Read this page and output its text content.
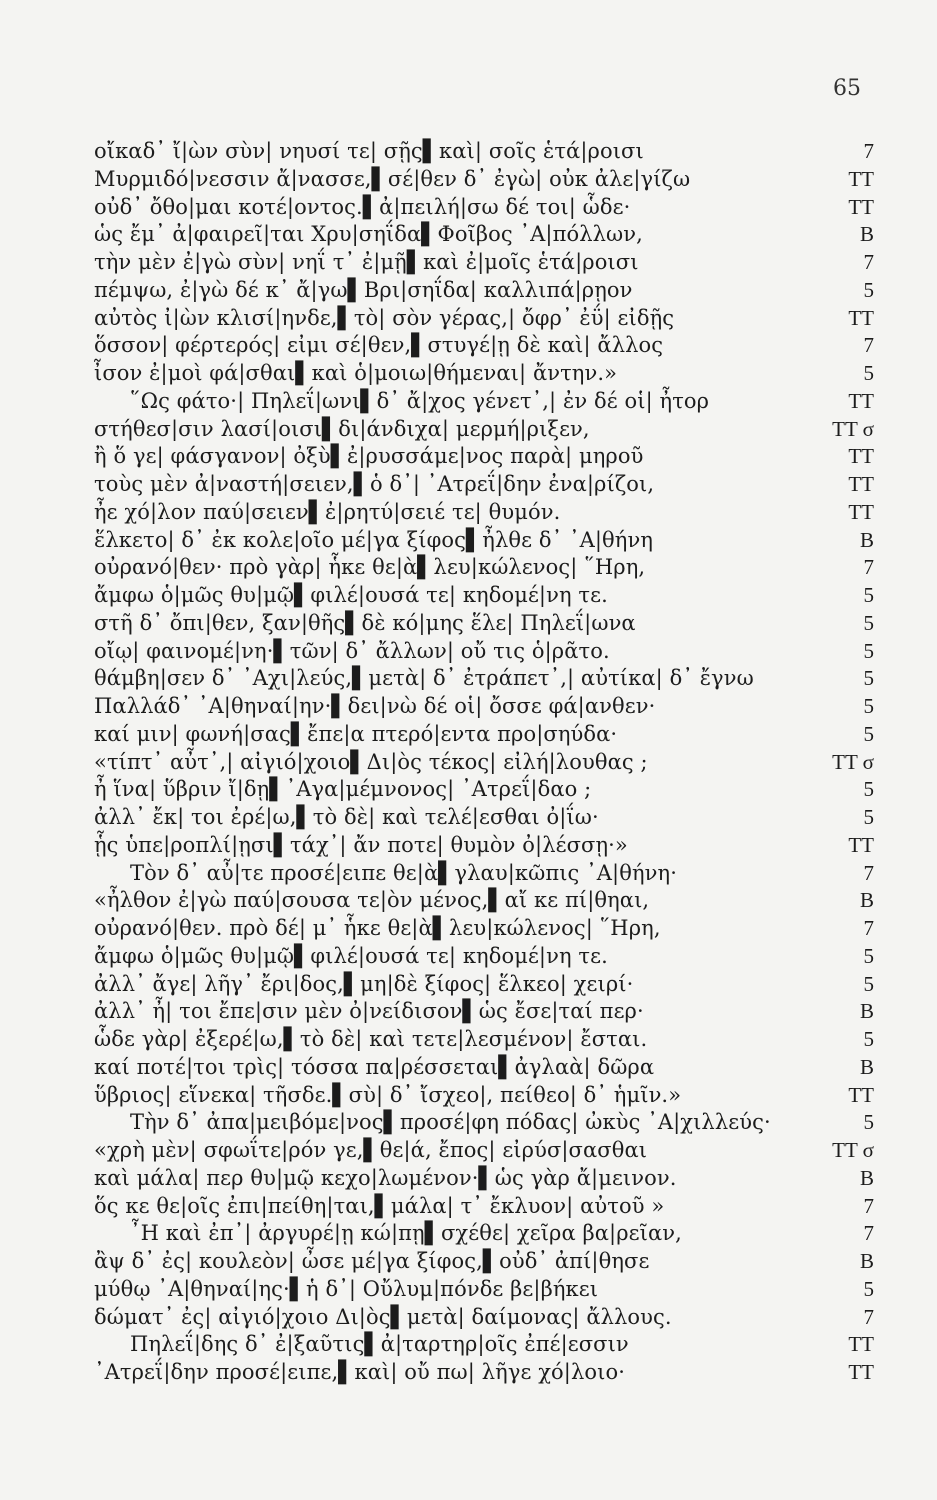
65
οἴκαδ᾿ ἴ|ὼν σὺν| νηυσί τε| σῇς▌καὶ| σοῖς ἑτά|ροισι	7
Μυρμιδό|νεσσιν ἄ|νασσε,▌σέ|θεν δ᾿ ἐγὼ| οὐκ ἀλε|γίζω	TT
οὐδ᾿ ὄθο|μαι κοτέ|οντος.▌ἀ|πειλή|σω δέ τοι| ὧδε·	TT
ὡς ἔμ᾿ ἀ|φαιρεῖ|ται Χρυ|σηΐδα▌Φοῖβος ᾿Α|πόλλων,	B
τὴν μὲν ἐ|γὼ σὺν| νηΐ τ᾿ ἐ|μῇ▌καὶ ἐ|μοῖς ἑτά|ροισι	7
πέμψω, ἐ|γὼ δέ κ᾿ ἄ|γω▌Βρι|σηΐδα| καλλιπά|ρῃον	5
αὐτὸς ἰ|ὼν κλισί|ηνδε,▌τὸ| σὸν γέρας,| ὄφρ᾿ ἐΰ| εἰδῇς	TT
ὅσσον| φέρτερός| εἰμι σέ|θεν,▌στυγέ|ῃ δὲ καὶ| ἄλλος	7
ἶσον ἐ|μοὶ φά|σθαι▌καὶ ὁ|μοιω|θήμεναι| ἄντην.»	5
῞Ως φάτο·| Πηλεΐ|ωνι▌δ᾿ ἄ|χος γένετ᾿,| ἐν δέ οἱ| ἦτορ	TT
στήθεσ|σιν λασί|οισι▌δι|άνδιχα| μερμή|ριξεν,	TT σ
ἢ ὅ γε| φάσγανον| ὀξὺ▌ἐ|ρυσσάμε|νος παρὰ| μηροῦ	TT
τοὺς μὲν ἀ|ναστή|σειεν,▌ὁ δ᾿| ᾿Ατρεΐ|δην ἐνα|ρίζοι,	TT
ἦε χό|λον παύ|σειεν▌ἐ|ρητύ|σειέ τε| θυμόν.	TT
ἕλκετο| δ᾿ ἐκ κολε|οῖο μέ|γα ξίφος▌ἦλθε δ᾿ ᾿Α|θήνη	B
οὐρανό|θεν· πρὸ γὰρ| ἧκε θε|ὰ▌λευ|κώλενος| ῞Ηρη,	7
ἄμφω ὁ|μῶς θυ|μῷ▌φιλέ|ουσά τε| κηδομέ|νη τε.	5
στῆ δ᾿ ὄπι|θεν, ξαν|θῆς▌δὲ κό|μης ἕλε| Πηλεΐ|ωνα	5
οἴῳ| φαινομέ|νη·▌τῶν| δ᾿ ἄλλων| οὔ τις ὁ|ρᾶτο.	5
θάμβη|σεν δ᾿ ᾿Αχι|λεύς,▌μετὰ| δ᾿ ἐτράπετ᾿,| αὐτίκα| δ᾿ ἔγνω	5
Παλλάδ᾿ ᾿Α|θηναί|ην·▌δει|νὼ δέ οἱ| ὄσσε φά|ανθεν·	5
καί μιν| φωνή|σας▌ἔπε|α πτερό|εντα προ|σηύδα·	5
«τίπτ᾿ αὖτ᾿,| αἰγιό|χοιο▌Δι|ὸς τέκος| εἰλή|λουθας ;	TT σ
ἦ ἵνα| ὕβριν ἴ|δῃ▌᾿Αγα|μέμνονος| ᾿Ατρεΐ|δαο ;	5
ἀλλ᾿ ἔκ| τοι ἐρέ|ω,▌τὸ δὲ| καὶ τελέ|εσθαι ὀ|ΐω·	5
ᾗς ὑπε|ροπλί|ῃσι▌τάχ᾿| ἄν ποτε| θυμὸν ὀ|λέσσῃ·»	TT
Τὸν δ᾿ αὖ|τε προσέ|ειπε θε|ὰ▌γλαυ|κῶπις ᾿Α|θήνη·	7
«ἦλθον ἐ|γὼ παύ|σουσα τε|ὸν μένος,▌αἴ κε πί|θηαι,	B
οὐρανό|θεν. πρὸ δέ| μ᾿ ἧκε θε|ὰ▌λευ|κώλενος| ῞Ηρη,	7
ἄμφω ὁ|μῶς θυ|μῷ▌φιλέ|ουσά τε| κηδομέ|νη τε.	5
ἀλλ᾿ ἄγε| λῆγ᾿ ἔρι|δος,▌μη|δὲ ξίφος| ἕλκεο| χειρί·	5
ἀλλ᾿ ἦ| τοι ἔπε|σιν μὲν ὀ|νείδισον▌ὡς ἔσε|ταί περ·	B
ὧδε γὰρ| ἐξερέ|ω,▌τὸ δὲ| καὶ τετε|λεσμένον| ἔσται.	5
καί ποτέ|τοι τρὶς| τόσσα πα|ρέσσεται▌ἀγλαὰ| δῶρα	B
ὕβριος| εἵνεκα| τῆσδε.▌σὺ| δ᾿ ἴσχεο|, πείθεο| δ᾿ ἡμῖν.»	TT
Τὴν δ᾿ ἀπα|μειβόμε|νος▌προσέ|φη πόδας| ὠκὺς ᾿Α|χιλλεύς·	5
«χρὴ μὲν| σφωΐτε|ρόν γε,▌θε|ά, ἔπος| εἰρύσ|σασθαι	TT σ
καὶ μάλα| περ θυ|μῷ κεχο|λωμένον·▌ὡς γὰρ ἄ|μεινον.	B
ὅς κε θε|οῖς ἐπι|πείθη|ται,▌μάλα| τ᾿ ἔκλυον| αὐτοῦ »	7
῏Η καὶ ἐπ᾿| ἀργυρέ|ῃ κώ|πῃ▌σχέθε| χεῖρα βα|ρεῖαν,	7
ἂψ δ᾿ ἐς| κουλεὸν| ὦσε μέ|γα ξίφος,▌οὐδ᾿ ἀπί|θησε	B
μύθῳ ᾿Α|θηναί|ης·▌ἡ δ᾿| Οὔλυμ|πόνδε βε|βήκει	5
δώματ᾿ ἐς| αἰγιό|χοιο Δι|ὸς▌μετὰ| δαίμονας| ἄλλους.	7
Πηλεΐ|δης δ᾿ ἐ|ξαῦτις▌ἀ|ταρτηρ|οῖς ἐπέ|εσσιν	TT
᾿Ατρεΐ|δην προσέ|ειπε,▌καὶ| οὔ πω| λῆγε χό|λοιο·	TT
